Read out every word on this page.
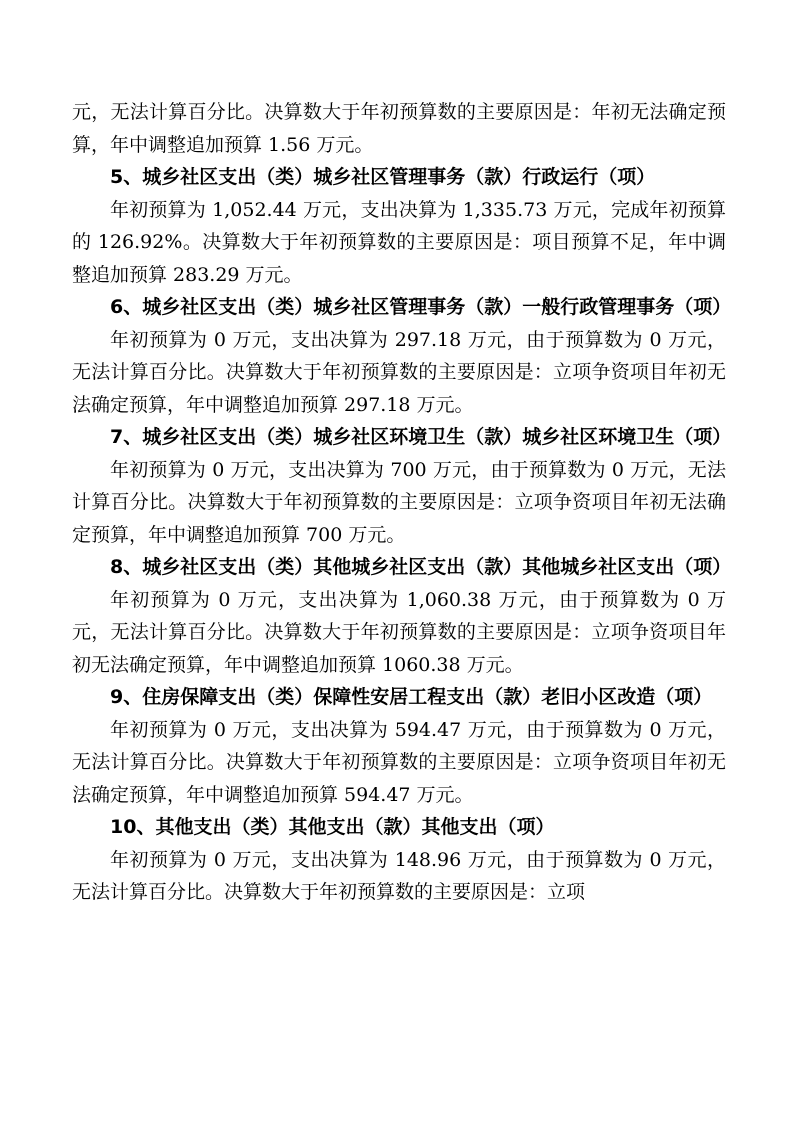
元，无法计算百分比。决算数大于年初预算数的主要原因是：年初无法确定预算，年中调整追加预算 1.56 万元。

5、城乡社区支出（类）城乡社区管理事务（款）行政运行（项）

年初预算为 1,052.44 万元，支出决算为 1,335.73 万元，完成年初预算的 126.92%。决算数大于年初预算数的主要原因是：项目预算不足，年中调整追加预算 283.29 万元。

6、城乡社区支出（类）城乡社区管理事务（款）一般行政管理事务（项）

年初预算为 0 万元，支出决算为 297.18 万元，由于预算数为 0 万元，无法计算百分比。决算数大于年初预算数的主要原因是：立项争资项目年初无法确定预算，年中调整追加预算 297.18 万元。

7、城乡社区支出（类）城乡社区环境卫生（款）城乡社区环境卫生（项）

年初预算为 0 万元，支出决算为 700 万元，由于预算数为 0 万元，无法计算百分比。决算数大于年初预算数的主要原因是：立项争资项目年初无法确定预算，年中调整追加预算 700 万元。

8、城乡社区支出（类）其他城乡社区支出（款）其他城乡社区支出（项）

年初预算为 0 万元，支出决算为 1,060.38 万元，由于预算数为 0 万元，无法计算百分比。决算数大于年初预算数的主要原因是：立项争资项目年初无法确定预算，年中调整追加预算 1060.38 万元。

9、住房保障支出（类）保障性安居工程支出（款）老旧小区改造（项）

年初预算为 0 万元，支出决算为 594.47 万元，由于预算数为 0 万元，无法计算百分比。决算数大于年初预算数的主要原因是：立项争资项目年初无法确定预算，年中调整追加预算 594.47 万元。

10、其他支出（类）其他支出（款）其他支出（项）

年初预算为 0 万元，支出决算为 148.96 万元，由于预算数为 0 万元，无法计算百分比。决算数大于年初预算数的主要原因是：立项
